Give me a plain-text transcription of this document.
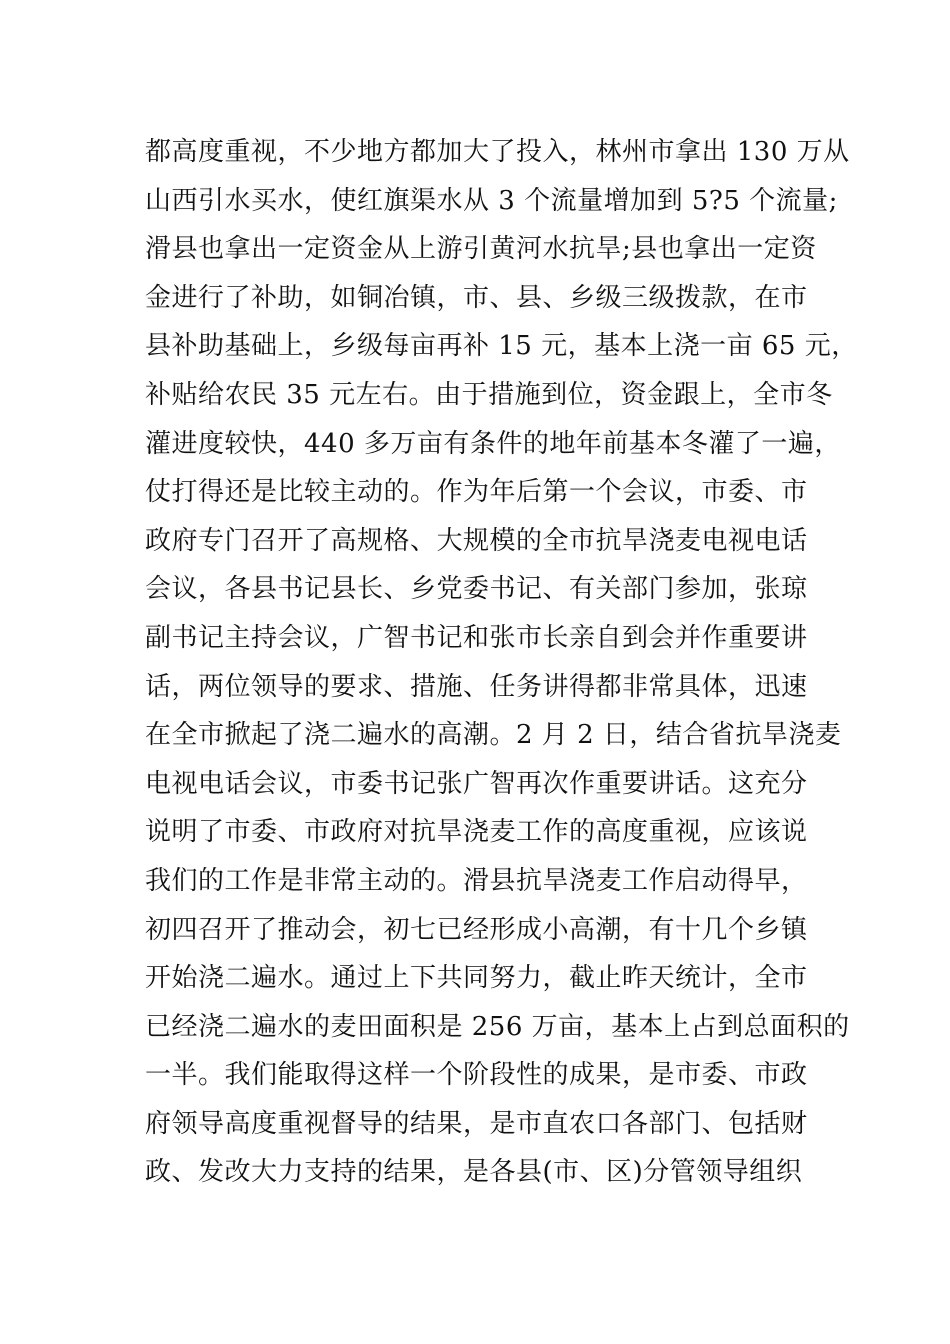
都高度重视，不少地方都加大了投入，林州市拿出 130 万从
山西引水买水，使红旗渠水从 3 个流量增加到 5?5 个流量;
滑县也拿出一定资金从上游引黄河水抗旱;县也拿出一定资
金进行了补助，如铜冶镇，市、县、乡级三级拨款，在市
县补助基础上，乡级每亩再补 15 元，基本上浇一亩 65 元，
补贴给农民 35 元左右。由于措施到位，资金跟上，全市冬
灌进度较快，440 多万亩有条件的地年前基本冬灌了一遍，
仗打得还是比较主动的。作为年后第一个会议，市委、市
政府专门召开了高规格、大规模的全市抗旱浇麦电视电话
会议，各县书记县长、乡党委书记、有关部门参加，张琼
副书记主持会议，广智书记和张市长亲自到会并作重要讲
话，两位领导的要求、措施、任务讲得都非常具体，迅速
在全市掀起了浇二遍水的高潮。2 月 2 日，结合省抗旱浇麦
电视电话会议，市委书记张广智再次作重要讲话。这充分
说明了市委、市政府对抗旱浇麦工作的高度重视，应该说
我们的工作是非常主动的。滑县抗旱浇麦工作启动得早，
初四召开了推动会，初七已经形成小高潮，有十几个乡镇
开始浇二遍水。通过上下共同努力，截止昨天统计，全市
已经浇二遍水的麦田面积是 256 万亩，基本上占到总面积的
一半。我们能取得这样一个阶段性的成果，是市委、市政
府领导高度重视督导的结果，是市直农口各部门、包括财
政、发改大力支持的结果，是各县(市、区)分管领导组织
